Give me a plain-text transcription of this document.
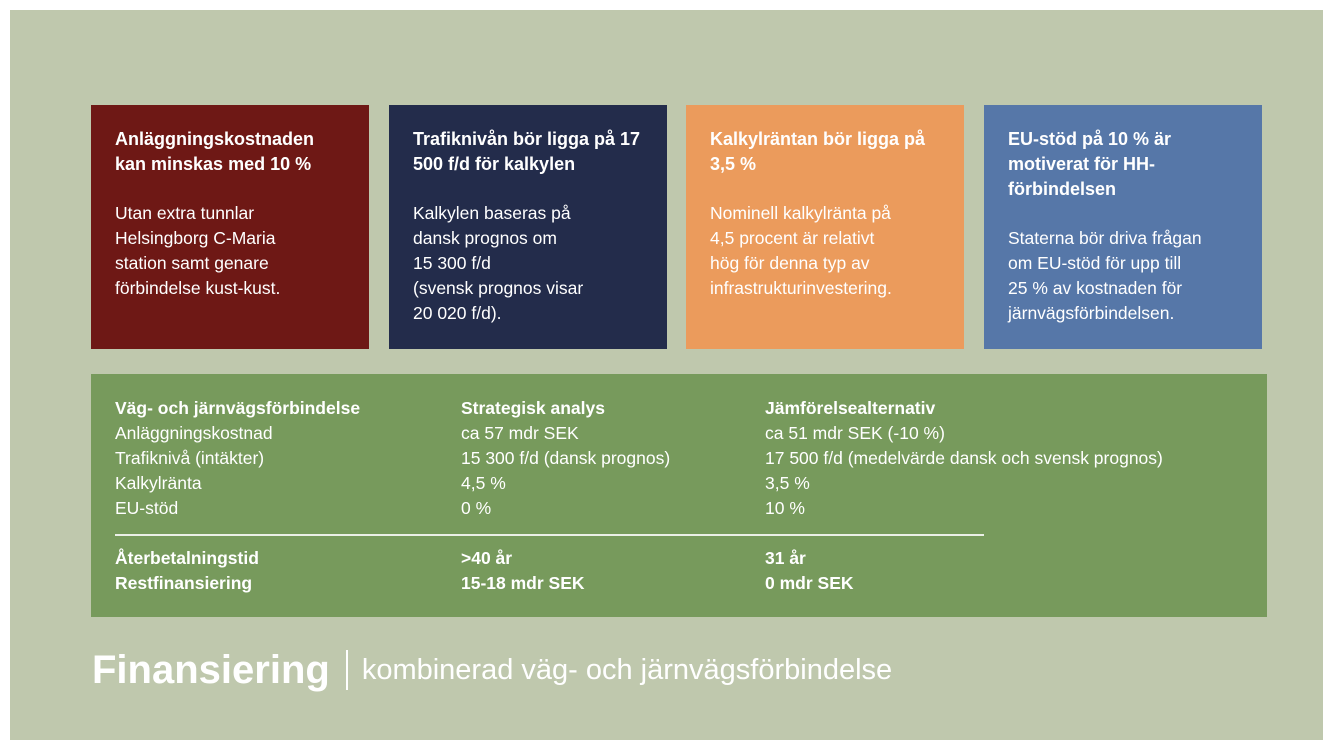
Anläggningskostnaden kan minskas med 10 %

Utan extra tunnlar
Helsingborg C-Maria
station samt genare
förbindelse kust-kust.

Trafiknivån bör ligga på 17 500 f/d för kalkylen

Kalkylen baseras på
dansk prognos om
15 300 f/d
(svensk prognos visar
20 020 f/d).

Kalkylräntan bör ligga på 3,5 %

Nominell kalkylränta på
4,5 procent är relativt
hög för denna typ av
infrastrukturinvestering.

EU-stöd på 10 % är motiverat för HH-förbindelsen

Staterna bör driva frågan
om EU-stöd för upp till
25 % av kostnaden för
järnvägsförbindelsen.

Väg- och järnvägsförbindelse	Strategisk analys	Jämförelsealternativ
Anläggningskostnad	ca 57 mdr SEK	ca 51 mdr SEK (-10 %)
Trafiknivå (intäkter)	15 300 f/d (dansk prognos)	17 500 f/d (medelvärde dansk och svensk prognos)
Kalkylränta	4,5 %	3,5 %
EU-stöd	0 %	10 %
Återbetalningstid	>40 år	31 år
Restfinansiering	15-18 mdr SEK	0 mdr SEK
Finansiering kombinerad väg- och järnvägsförbindelse
